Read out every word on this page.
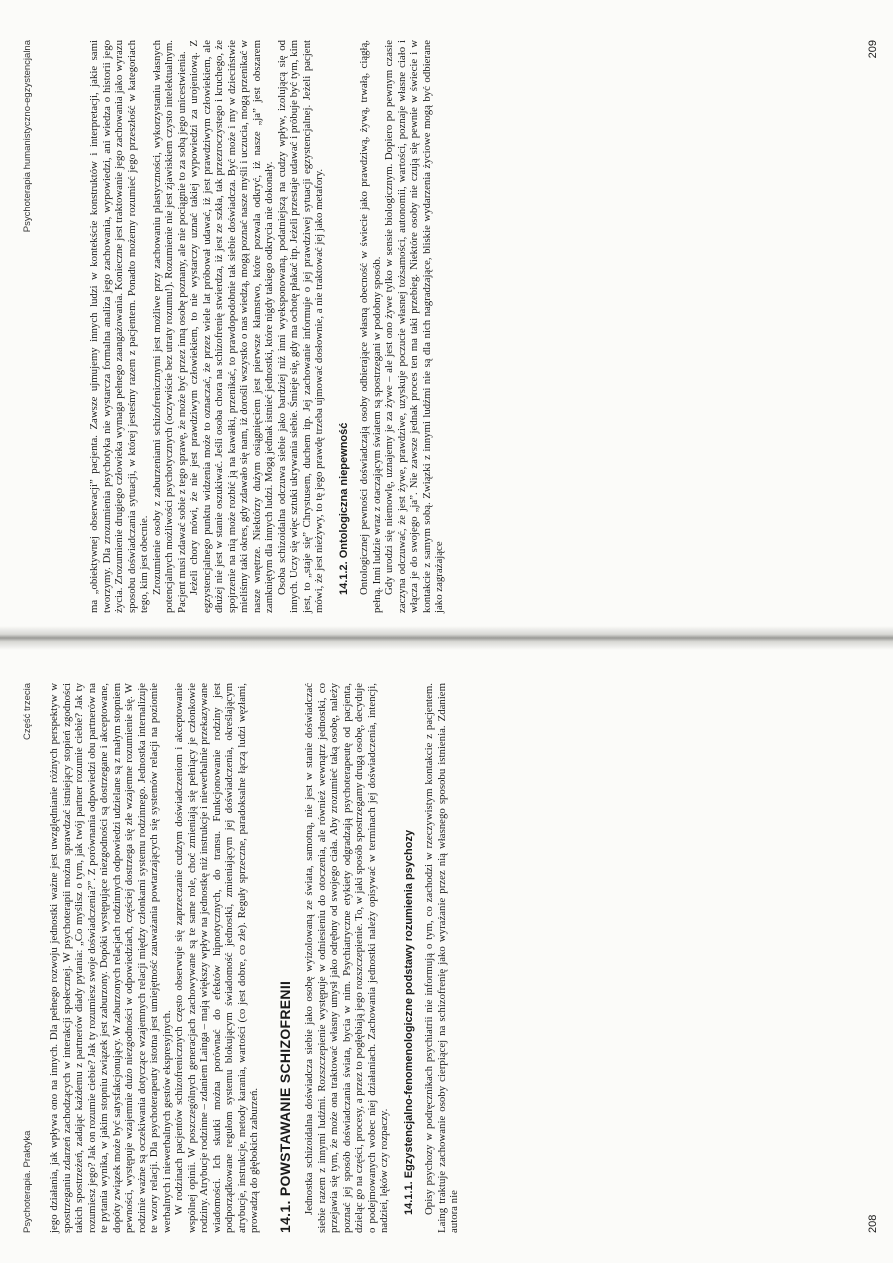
Psychoterapia. Praktyka
Część trzecia jego działania, jak wpływa ono na innych. Dla pełnego rozwoju jednostki ważne jest uwzględnianie różnych perspektyw w spostrzeganiu zdarzeń zachodzących w interakcji społecznej. W psychoterapii można sprawdzać istniejący stopień zgodności takich spostrzeżeń, zadając każdemu z partnerów diady pytania: „Co myślisz o tym, jak twój partner rozumie ciebie? Jak ty rozumiesz jego? Jak on rozumie ciebie? Jak ty rozumiesz swoje doświadczenia?”. Z porównania odpowiedzi obu partnerów na te pytania wynika, w jakim stopniu związek jest zaburzony. Dopóki występujące niezgodności są dostrzegane i akceptowane, dopóty związek może być satysfakcjonujący. W zaburzonych relacjach rodzinnych odpowiedzi udzielane są z małym stopniem pewności, występuje wzajemnie dużo niezgodności w odpowiedziach, częściej dostrzega się złe wzajemne rozumienie się. W rodzinie ważne są oczekiwania dotyczące wzajemnych relacji między członkami systemu rodzinnego. Jednostka internalizuje te wzory relacji. Dla psychoterapeuty istotna jest umiejętność zauważania powtarzających się systemów relacji na poziomie werbalnych i niewerbalnych gestów ekspresyjnych. W rodzinach pacjentów schizofrenicznych często obserwuje się zaprzeczanie cudzym doświadczeniom i akceptowanie wspólnej opinii. W poszczególnych generacjach zachowywane są te same role, choć zmieniają się pełniący je członkowie rodziny. Atrybucje rodzinne – zdaniem Lainga – mają większy wpływ na jednostkę niż instrukcje i niewerbalnie przekazywane wiadomości. Ich skutki można porównać do efektów hipnotycznych, do transu. Funkcjonowanie rodziny jest podporządkowane regułom systemu blokującym świadomość jednostki, zmieniającym jej doświadczenia, określającym atrybucje, instrukcje, metody karania, wartości (co jest dobre, co złe). Reguły sprzeczne, paradoksalne łączą ludzi węzłami, prowadzą do głębokich zaburzeń. 14.1. POWSTAWANIE SCHIZOFRENII Jednostka schizoidalna doświadcza siebie jako osobę wyizolowaną ze świata, samotną, nie jest w stanie doświadczać siebie razem z innymi ludźmi. Rozszczepienie występuje w odniesieniu do otoczenia, ale również wewnątrz jednostki, co przejawia się tym, że może ona traktować własny umysł jako odrębny od swojego ciała. Aby zrozumieć taką osobę, należy poznać jej sposób doświadczania świata, bycia w nim. Psychiatryczne etykiety odgradzają psychoterapeutę od pacjenta, dzieląc go na części, procesy, a przez to pogłębiają jego rozszczepienie. To, w jaki sposób spostrzegamy drugą osobę, decyduje o podejmowanych wobec niej działaniach. Zachowania jednostki należy opisywać w terminach jej doświadczenia, intencji, nadziei, lęków czy rozpaczy. 14.1.1. Egzystencjalno-fenomenologiczne podstawy rozumienia psychozy Opisy psychozy w podręcznikach psychiatrii nie informują o tym, co zachodzi w rzeczywistym kontakcie z pacjentem. Laing traktuje zachowanie osoby cierpiącej na schizofrenię jako wyrażanie przez nią własnego sposobu istnienia. Zdaniem autora nie	208
Psychoterapia humanistyczno-egzystencjalna	ma „obiektywnej obserwacji” pacjenta. Zawsze ujmujemy innych ludzi w kontekście konstruktów i interpretacji, jakie sami tworzymy. Dla zrozumienia psychotyka nie wystarcza formalna analiza jego zachowania, wypowiedzi, ani wiedza o historii jego życia. Zrozumienie drugiego człowieka wymaga pełnego zaangażowania. Konieczne jest traktowanie jego zachowania jako wyrazu sposobu doświadczania sytuacji, w której jesteśmy razem z pacjentem. Ponadto możemy rozumieć jego przeszłość w kategoriach tego, kim jest obecnie. Zrozumienie osoby z zaburzeniami schizofrenicznymi jest możliwe przy zachowaniu plastyczności, wykorzystaniu własnych potencjalnych możliwości psychotycznych (oczywiście bez utraty rozumu!). Rozumienie nie jest zjawiskiem czysto intelektualnym. Pacjent musi zdawać sobie z tego sprawę, że może być przez inną osobę poznany, ale nie pociągnie to za sobą jego unicestwienia. Jeżeli chory mówi, że nie jest prawdziwym człowiekiem, to nie wystarczy uznać takiej wypowiedzi za urojeniową. Z egzystencjalnego punktu widzenia może to oznaczać, że przez wiele lat próbował udawać, iż jest prawdziwym człowiekiem, ale dłużej nie jest w stanie oszukiwać. Jeśli osoba chora na schizofrenię stwierdza, iż jest ze szkła, tak przezroczystego i kruchego, że spojrzenie na nią może rozbić ją na kawałki, przenikać, to prawdopodobnie tak siebie doświadcza. Być może i my w dzieciństwie mieliśmy taki okres, gdy zdawało się nam, iż dorośli wszystko o nas wiedzą, mogą poznać nasze myśli i uczucia, mogą przenikać w nasze wnętrze. Niektórzy dużym osiągnięciem jest pierwsze kłamstwo, które pozwala odkryć, iż nasze „ja” jest obszarem zamkniętym dla innych ludzi. Mogą jednak istnieć jednostki, które nigdy takiego odkrycia nie dokonały. Osoba schizoidalna odczuwa siebie jako bardziej niż inni wyeksponowaną, podatniejszą na cudzy wpływ, izolującą się od innych. Uczy się więc sztuki ukrywania siebie. Śmieje się, gdy ma ochotę płakać itp. Jeżeli przestaje udawać i próbuje być tym, kim jest, to „staje się” Chrystusem, duchem itp. Jej zachowanie informuje o jej prawdziwej sytuacji egzystencjalnej. Jeżeli pacjent mówi, że jest nieżywy, to tę jego prawdę trzeba ujmować dosłownie, a nie traktować jej jako metafory. 14.1.2. Ontologiczna niepewność Ontologicznej pewności doświadczają osoby odbierające własną obecność w świecie jako prawdziwą, żywą, trwałą, ciągłą, pełną. Inni ludzie wraz z otaczającym światem są spostrzegani w podobny sposób. Gdy urodzi się niemowlę, uznajemy je za żywe – ale jest ono żywe tylko w sensie biologicznym. Dopiero po pewnym czasie zaczyna odczuwać, że jest żywe, prawdziwe, uzyskuje poczucie własnej tożsamości, autonomii, wartości, poznaje własne ciało i włącza je do swojego „ja”. Nie zawsze jednak proces ten ma taki przebieg. Niektóre osoby nie czują się pewnie w świecie i w kontakcie z samym sobą. Związki z innymi ludźmi nie są dla nich nagradzające, bliskie wydarzenia życiowe mogą być odbierane jako zagrażające

209
